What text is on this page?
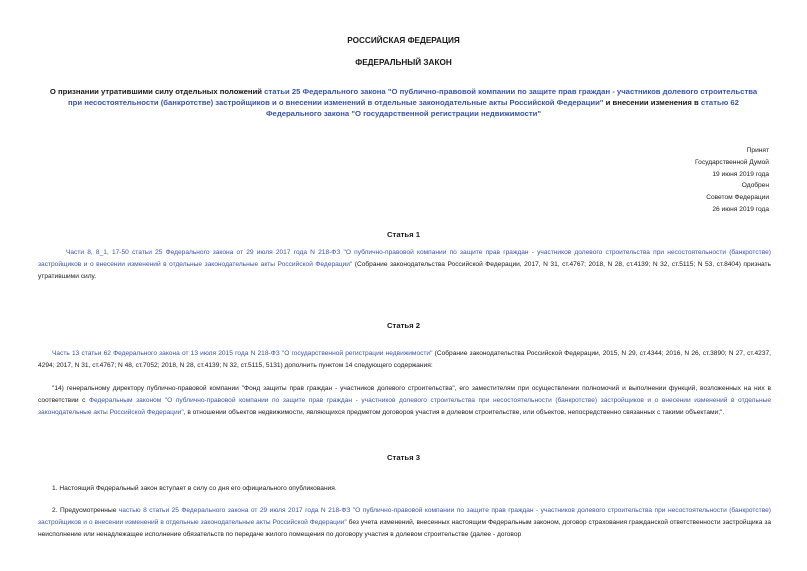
РОССИЙСКАЯ ФЕДЕРАЦИЯ
ФЕДЕРАЛЬНЫЙ ЗАКОН
О признании утратившими силу отдельных положений статьи 25 Федерального закона "О публично-правовой компании по защите прав граждан - участников долевого строительства при несостоятельности (банкротстве) застройщиков и о внесении изменений в отдельные законодательные акты Российской Федерации" и внесении изменения в статью 62 Федерального закона "О государственной регистрации недвижимости"
Принят
Государственной Думой
19 июня 2019 года
Одобрен
Советом Федерации
26 июня 2019 года
Статья 1
Части 8, 8_1, 17-50 статьи 25 Федерального закона от 29 июля 2017 года N 218-ФЗ "О публично-правовой компании по защите прав граждан - участников долевого строительства при несостоятельности (банкротстве) застройщиков и о внесении изменений в отдельные законодательные акты Российской Федерации" (Собрание законодательства Российской Федерации, 2017, N 31, ст.4767; 2018, N 28, ст.4139; N 32, ст.5115; N 53, ст.8404) признать утратившими силу.
Статья 2
Часть 13 статьи 62 Федерального закона от 13 июля 2015 года N 218-ФЗ "О государственной регистрации недвижимости" (Собрание законодательства Российской Федерации, 2015, N 29, ст.4344; 2016, N 26, ст.3890; N 27, ст.4237, 4294; 2017, N 31, ст.4767; N 48, ст.7052; 2018, N 28, ст.4139; N 32, ст.5115, 5131) дополнить пунктом 14 следующего содержания:
"14) генеральному директору публично-правовой компании "Фонд защиты прав граждан - участников долевого строительства", его заместителям при осуществлении полномочий и выполнении функций, возложенных на них в соответствии с Федеральным законом "О публично-правовой компании по защите прав граждан - участников долевого строительства при несостоятельности (банкротстве) застройщиков и о внесении изменений в отдельные законодательные акты Российской Федерации", в отношении объектов недвижимости, являющихся предметом договоров участия в долевом строительстве, или объектов, непосредственно связанных с такими объектами;".
Статья 3
1. Настоящий Федеральный закон вступает в силу со дня его официального опубликования.
2. Предусмотренные частью 8 статьи 25 Федерального закона от 29 июля 2017 года N 218-ФЗ "О публично-правовой компании по защите прав граждан - участников долевого строительства при несостоятельности (банкротстве) застройщиков и о внесении изменений в отдельные законодательные акты Российской Федерации" без учета изменений, внесенных настоящим Федеральным законом, договор страхования гражданской ответственности застройщика за неисполнение или ненадлежащее исполнение обязательств по передаче жилого помещения по договору участия в долевом строительстве (далее - договор
